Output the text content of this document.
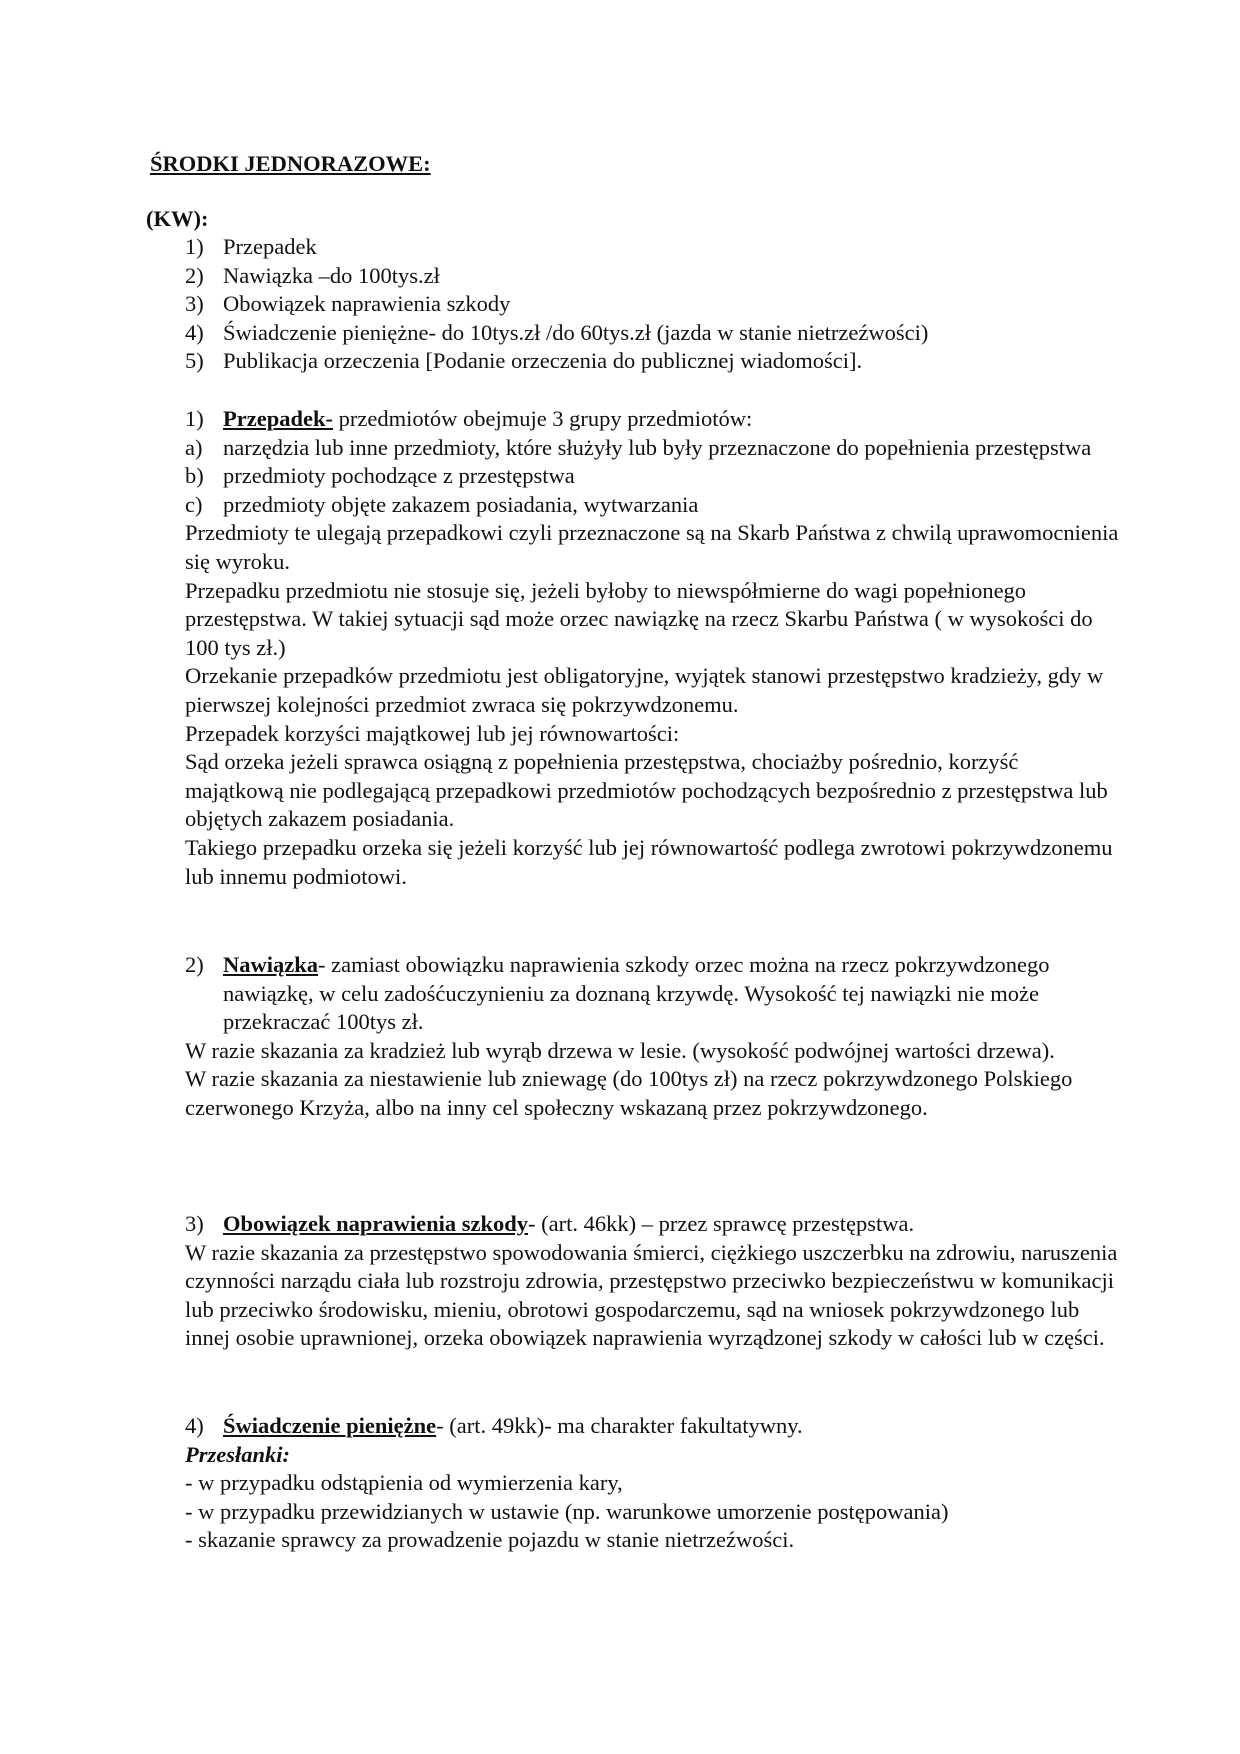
ŚRODKI JEDNORAZOWE:
(KW):
1) Przepadek
2) Nawiązka –do 100tys.zł
3) Obowiązek naprawienia szkody
4) Świadczenie pieniężne- do 10tys.zł /do 60tys.zł (jazda w stanie nietrzeźwości)
5) Publikacja orzeczenia [Podanie orzeczenia do publicznej wiadomości].
1) Przepadek- przedmiotów obejmuje 3 grupy przedmiotów:
a) narzędzia lub inne przedmioty, które służyły lub były przeznaczone do popełnienia przestępstwa
b) przedmioty pochodzące z przestępstwa
c) przedmioty objęte zakazem posiadania, wytwarzania
Przedmioty te ulegają przepadkowi czyli przeznaczone są na Skarb Państwa z chwilą uprawomocnienia się wyroku.
Przepadku przedmiotu nie stosuje się, jeżeli byłoby to niewspółmierne do wagi popełnionego przestępstwa. W takiej sytuacji sąd może orzec nawiązkę na rzecz Skarbu Państwa ( w wysokości do 100 tys zł.)
Orzekanie przepadków przedmiotu jest obligatoryjne, wyjątek stanowi przestępstwo kradzieży, gdy w pierwszej kolejności przedmiot zwraca się pokrzywdzonemu.
Przepadek korzyści majątkowej lub jej równowartości:
Sąd orzeka jeżeli sprawca osiągną z popełnienia przestępstwa, chociażby pośrednio, korzyść majątkową nie podlegającą przepadkowi przedmiotów pochodzących bezpośrednio z przestępstwa lub objętych zakazem posiadania.
Takiego przepadku orzeka się jeżeli korzyść lub jej równowartość podlega zwrotowi pokrzywdzonemu lub innemu podmiotowi.
2) Nawiązka- zamiast obowiązku naprawienia szkody orzec można na rzecz pokrzywdzonego nawiązkę, w celu zadośćuczynieniu za doznaną krzywdę. Wysokość tej nawiązki nie może przekraczać 100tys zł.
W razie skazania za kradzież lub wyrąb drzewa w lesie. (wysokość podwójnej wartości drzewa).
W razie skazania za niestawienie lub zniewagę (do 100tys zł) na rzecz pokrzywdzonego Polskiego czerwonego Krzyża, albo na inny cel społeczny wskazaną przez pokrzywdzonego.
3) Obowiązek naprawienia szkody- (art. 46kk) – przez sprawcę przestępstwa.
W razie skazania za przestępstwo spowodowania śmierci, ciężkiego uszczerbku na zdrowiu, naruszenia czynności narządu ciała lub rozstroju zdrowia, przestępstwo przeciwko bezpieczeństwu w komunikacji lub przeciwko środowisku, mieniu, obrotowi gospodarczemu, sąd na wniosek pokrzywdzonego lub innej osobie uprawnionej, orzeka obowiązek naprawienia wyrządzonej szkody w całości lub w części.
4) Świadczenie pieniężne- (art. 49kk)- ma charakter fakultatywny.
Przesłanki:
- w przypadku odstąpienia od wymierzenia kary,
- w przypadku przewidzianych w ustawie (np. warunkowe umorzenie postępowania)
- skazanie sprawcy za prowadzenie pojazdu w stanie nietrzeźwości.
